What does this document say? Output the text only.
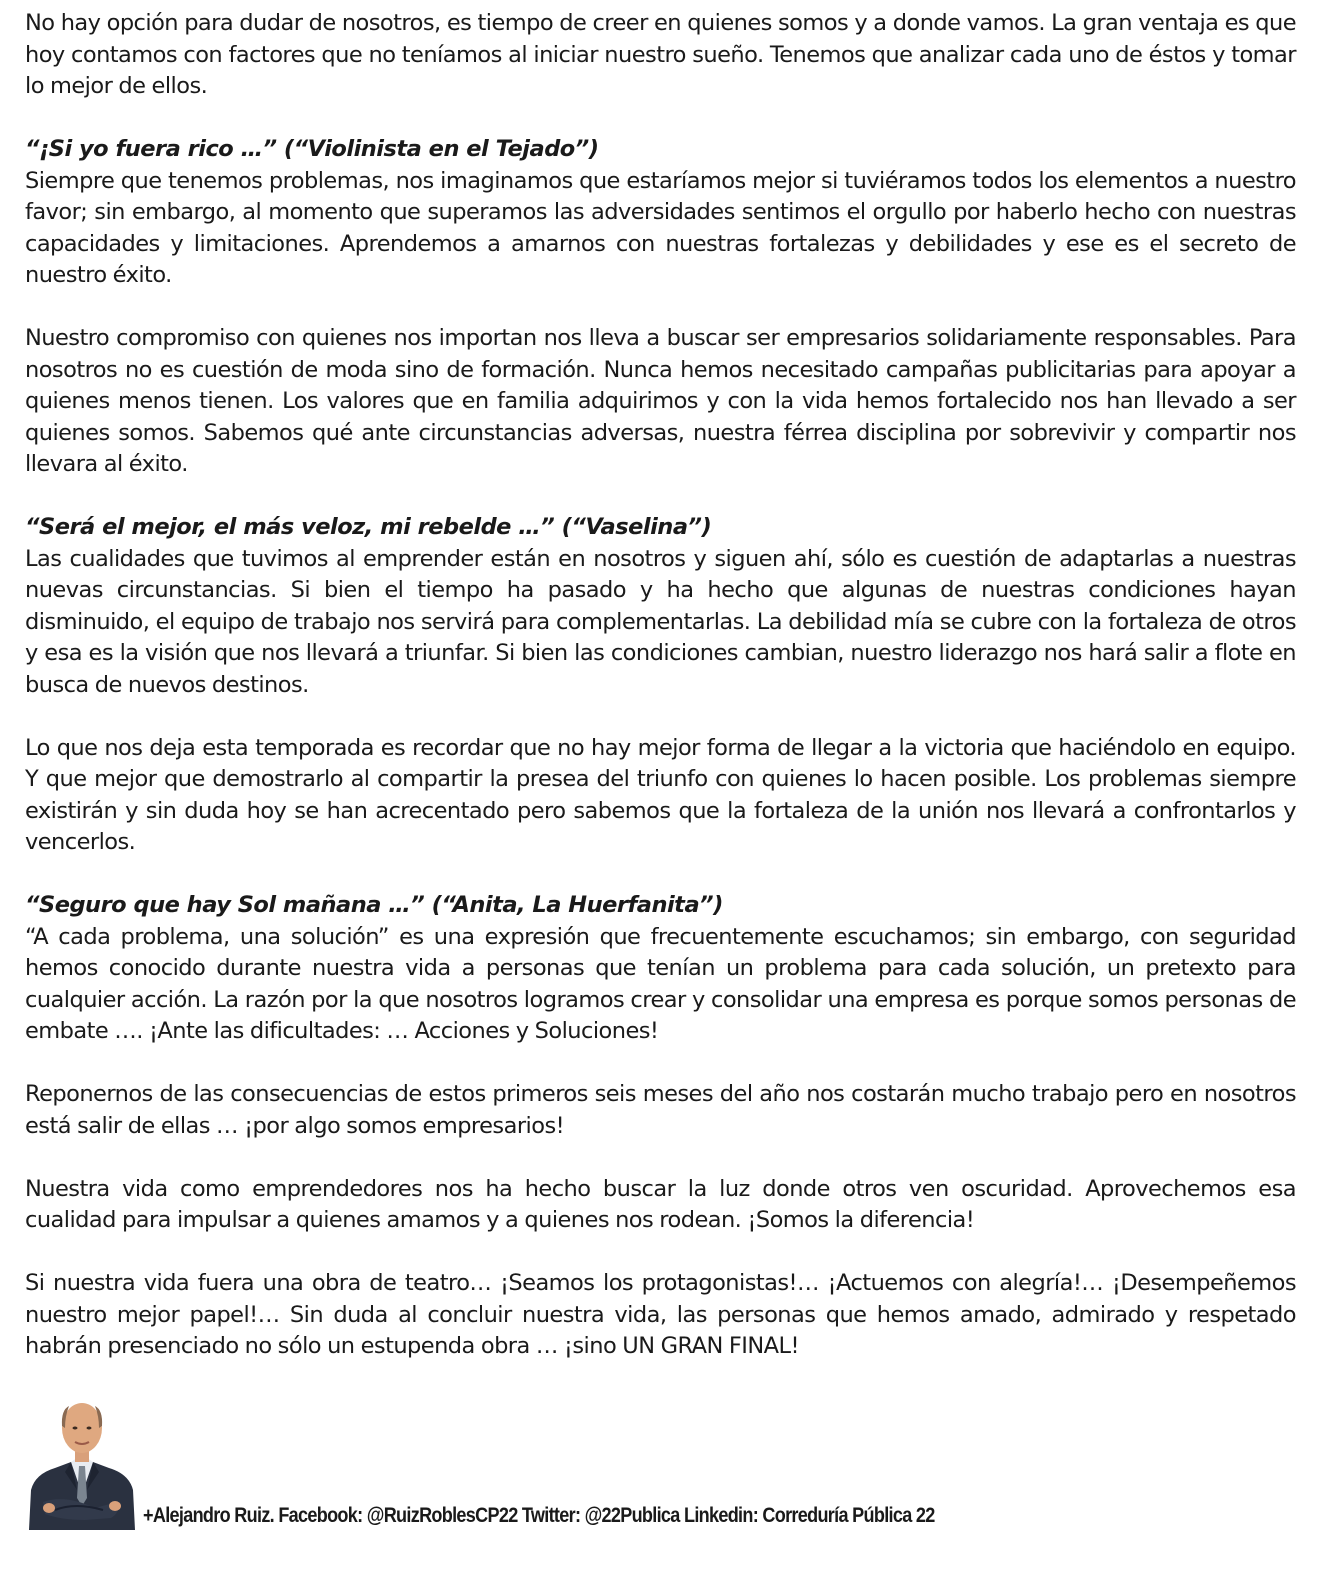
No hay opción para dudar de nosotros, es tiempo de creer en quienes somos y a donde vamos. La gran ventaja es que hoy contamos con factores que no teníamos al iniciar nuestro sueño. Tenemos que analizar cada uno de éstos y tomar lo mejor de ellos.

“¡Si yo fuera rico …” (“Violinista en el Tejado”)

Siempre que tenemos problemas, nos imaginamos que estaríamos mejor si tuviéramos todos los elementos a nuestro favor; sin embargo, al momento que superamos las adversidades sentimos el orgullo por haberlo hecho con nuestras capacidades y limitaciones. Aprendemos a amarnos con nuestras fortalezas y debilidades y ese es el secreto de nuestro éxito.

Nuestro compromiso con quienes nos importan nos lleva a buscar ser empresarios solidariamente responsables. Para nosotros no es cuestión de moda sino de formación. Nunca hemos necesitado campañas publicitarias para apoyar a quienes menos tienen. Los valores que en familia adquirimos y con la vida hemos fortalecido nos han llevado a ser quienes somos. Sabemos qué ante circunstancias adversas, nuestra férrea disciplina por sobrevivir y compartir nos llevara al éxito.

“Será el mejor, el más veloz, mi rebelde …” (“Vaselina”)

Las cualidades que tuvimos al emprender están en nosotros y siguen ahí, sólo es cuestión de adaptarlas a nuestras nuevas circunstancias. Si bien el tiempo ha pasado y ha hecho que algunas de nuestras condiciones hayan disminuido, el equipo de trabajo nos servirá para complementarlas. La debilidad mía se cubre con la fortaleza de otros y esa es la visión que nos llevará a triunfar. Si bien las condiciones cambian, nuestro liderazgo nos hará salir a flote en busca de nuevos destinos.

Lo que nos deja esta temporada es recordar que no hay mejor forma de llegar a la victoria que haciéndolo en equipo. Y que mejor que demostrarlo al compartir la presea del triunfo con quienes lo hacen posible. Los problemas siempre existirán y sin duda hoy se han acrecentado pero sabemos que la fortaleza de la unión nos llevará a confrontarlos y vencerlos.

“Seguro que hay Sol mañana …” (“Anita, La Huerfanita”)

“A cada problema, una solución” es una expresión que frecuentemente escuchamos; sin embargo, con seguridad hemos conocido durante nuestra vida a personas que tenían un problema para cada solución, un pretexto para cualquier acción. La razón por la que nosotros logramos crear y consolidar una empresa es porque somos personas de embate …. ¡Ante las dificultades: … Acciones y Soluciones!

Reponernos de las consecuencias de estos primeros seis meses del año nos costarán mucho trabajo pero en nosotros está salir de ellas … ¡por algo somos empresarios!

Nuestra vida como emprendedores nos ha hecho buscar la luz donde otros ven oscuridad. Aprovechemos esa cualidad para impulsar a quienes amamos y a quienes nos rodean. ¡Somos la diferencia!

Si nuestra vida fuera una obra de teatro… ¡Seamos los protagonistas!… ¡Actuemos con alegría!… ¡Desempeñemos nuestro mejor papel!… Sin duda al concluir nuestra vida, las personas que hemos amado, admirado y respetado habrán presenciado no sólo un estupenda obra … ¡sino UN GRAN FINAL!

+Alejandro Ruiz. Facebook: @RuizRoblesCP22 Twitter: @22Publica Linkedin: Correduría Pública 22
